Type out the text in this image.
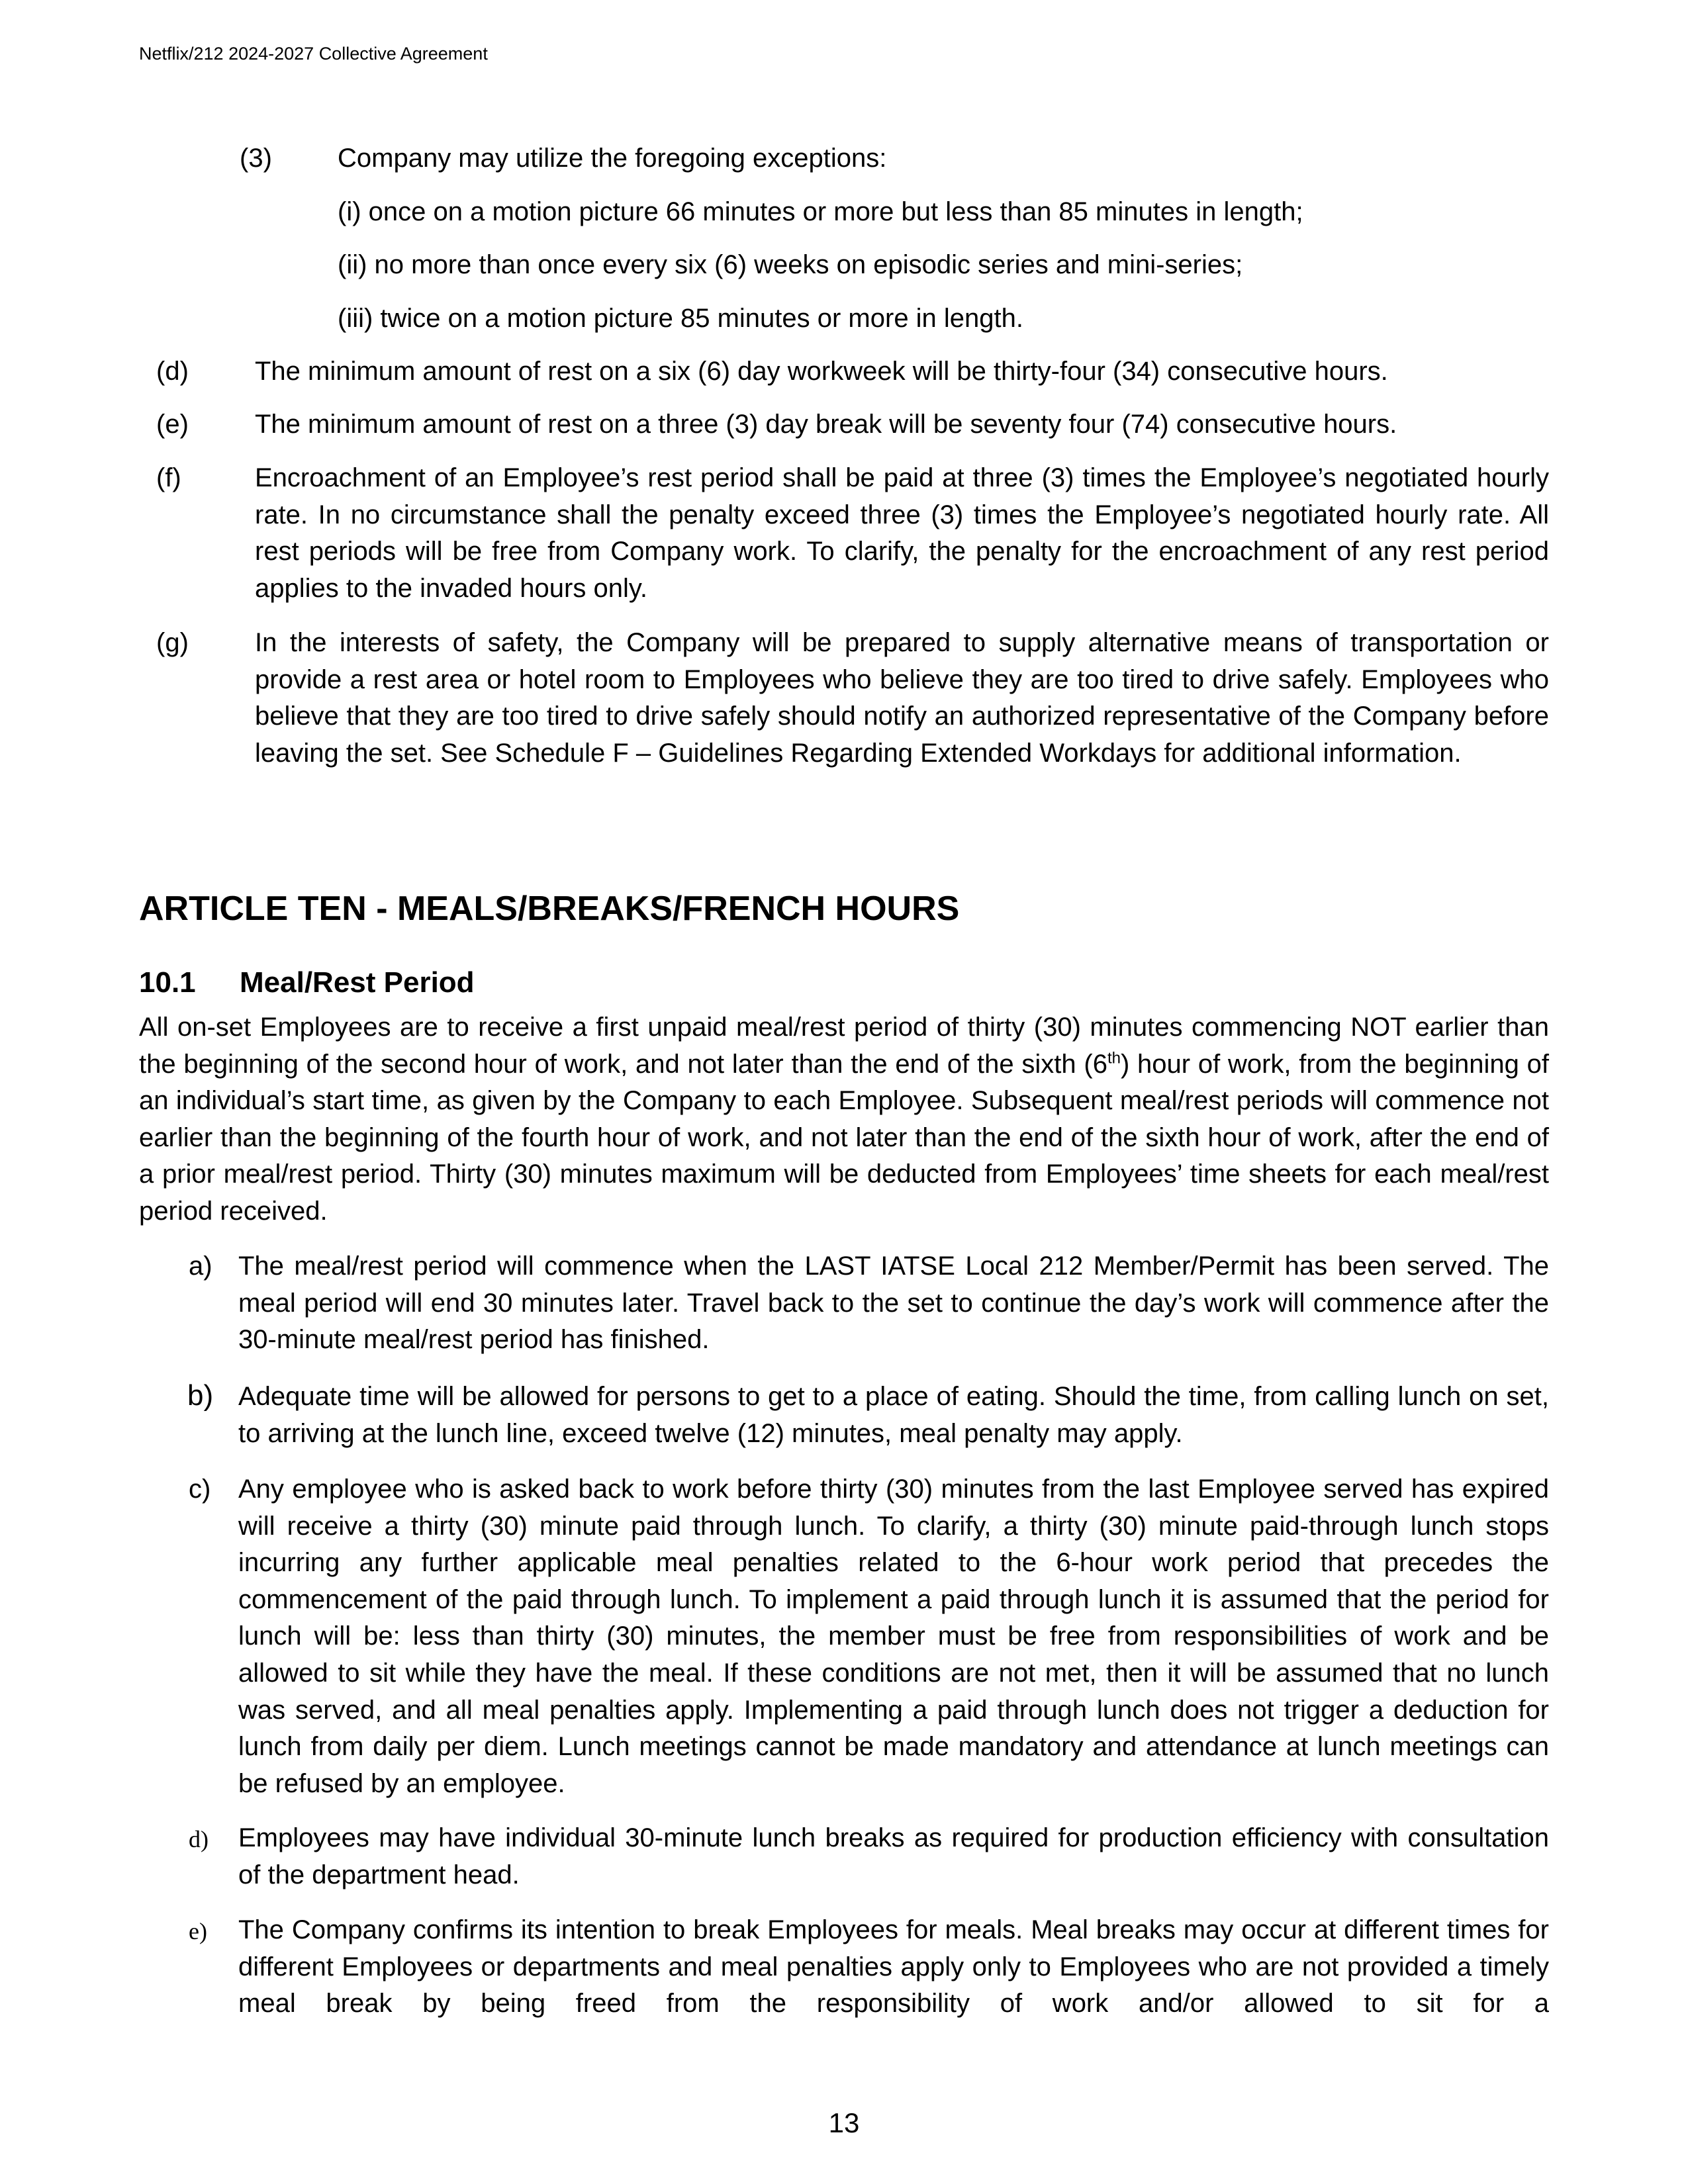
Netflix/212 2024-2027 Collective Agreement
(3) Company may utilize the foregoing exceptions:
(i) once on a motion picture 66 minutes or more but less than 85 minutes in length;
(ii) no more than once every six (6) weeks on episodic series and mini-series;
(iii) twice on a motion picture 85 minutes or more in length.
(d)	The minimum amount of rest on a six (6) day workweek will be thirty-four (34) consecutive hours.
(e)	The minimum amount of rest on a three (3) day break will be seventy four (74) consecutive hours.
(f)	Encroachment of an Employee’s rest period shall be paid at three (3) times the Employee’s negotiated hourly rate. In no circumstance shall the penalty exceed three (3) times the Employee’s negotiated hourly rate. All rest periods will be free from Company work. To clarify, the penalty for the encroachment of any rest period applies to the invaded hours only.

(g)	In the interests of safety, the Company will be prepared to supply alternative means of transportation or provide a rest area or hotel room to Employees who believe they are too tired to drive safely. Employees who believe that they are too tired to drive safely should notify an authorized representative of the Company before leaving the set. See Schedule F – Guidelines Regarding Extended Workdays for additional information.

ARTICLE TEN - MEALS/BREAKS/FRENCH HOURS
10.1 Meal/Rest Period

All on-set Employees are to receive a first unpaid meal/rest period of thirty (30) minutes commencing NOT earlier than the beginning of the second hour of work, and not later than the end of the sixth (6th) hour of work, from the beginning of an individual’s start time, as given by the Company to each Employee. Subsequent meal/rest periods will commence not earlier than the beginning of the fourth hour of work, and not later than the end of the sixth hour of work, after the end of a prior meal/rest period. Thirty (30) minutes maximum will be deducted from Employees’ time sheets for each meal/rest period received.

a) The meal/rest period will commence when the LAST IATSE Local 212 Member/Permit has been served. The meal period will end 30 minutes later. Travel back to the set to continue the day’s work will commence after the 30-minute meal/rest period has finished.

b) Adequate time will be allowed for persons to get to a place of eating. Should the time, from calling lunch on set, to arriving at the lunch line, exceed twelve (12) minutes, meal penalty may apply.

c) Any employee who is asked back to work before thirty (30) minutes from the last Employee served has expired will receive a thirty (30) minute paid through lunch. To clarify, a thirty (30) minute paid-through lunch stops incurring any further applicable meal penalties related to the 6-hour work period that precedes the commencement of the paid through lunch. To implement a paid through lunch it is assumed that the period for lunch will be: less than thirty (30) minutes, the member must be free from responsibilities of work and be allowed to sit while they have the meal. If these conditions are not met, then it will be assumed that no lunch was served, and all meal penalties apply. Implementing a paid through lunch does not trigger a deduction for lunch from daily per diem. Lunch meetings cannot be made mandatory and attendance at lunch meetings can be refused by an employee.

d) Employees may have individual 30-minute lunch breaks as required for production efficiency with consultation of the department head.

e) The Company confirms its intention to break Employees for meals. Meal breaks may occur at different times for different Employees or departments and meal penalties apply only to Employees who are not provided a timely meal break by being freed from the responsibility of work and/or allowed to sit for a

13
